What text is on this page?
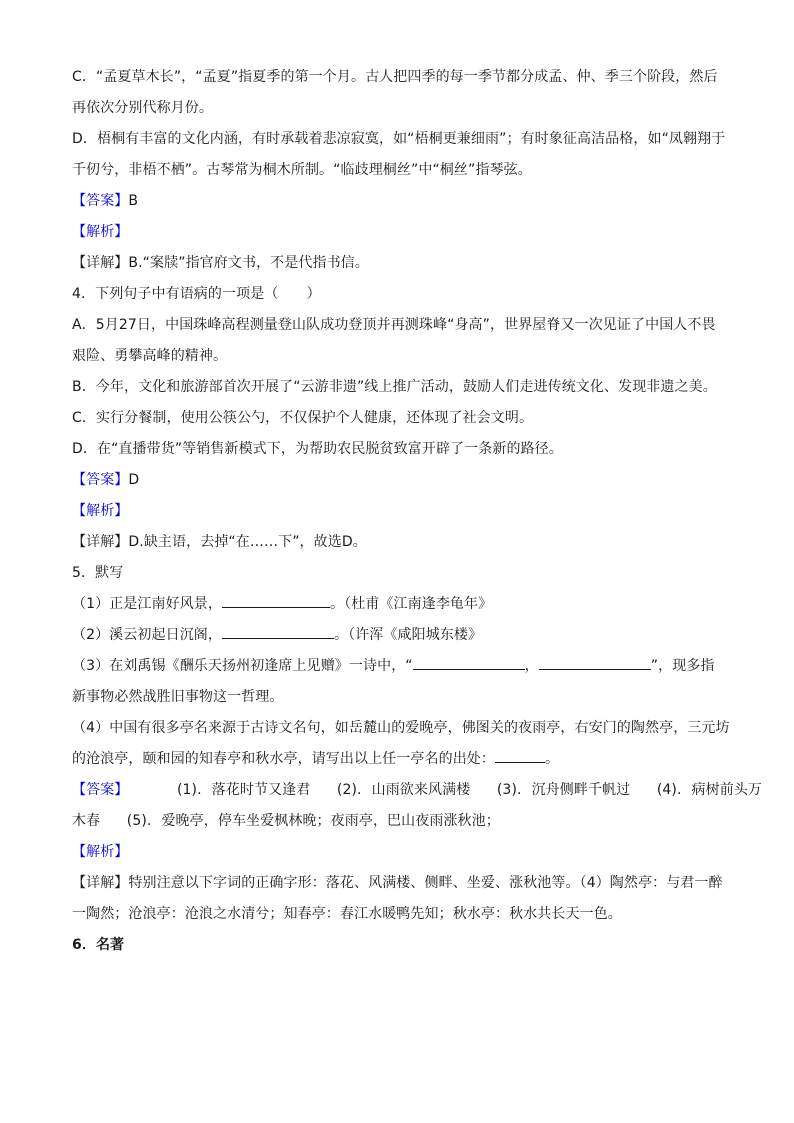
C．“孟夏草木长”，“孟夏”指夏季的第一个月。古人把四季的每一季节都分成孟、仲、季三个阶段，然后
再依次分别代称月份。
D．梧桐有丰富的文化内涵，有时承载着悲凉寂寞，如“梧桐更兼细雨”；有时象征高洁品格，如“凤翱翔于
千仞兮，非梧不栖”。古琴常为桐木所制。“临歧理桐丝”中“桐丝”指琴弦。
【答案】B
【解析】
【详解】B.“案牍”指官府文书，不是代指书信。
4．下列句子中有语病的一项是（　　）
A．5月27日，中国珠峰高程测量登山队成功登顶并再测珠峰“身高”，世界屋脊又一次见证了中国人不畏
艰险、勇攀高峰的精神。
B．今年，文化和旅游部首次开展了“云游非遗”线上推广活动，鼓励人们走进传统文化、发现非遗之美。
C．实行分餐制，使用公筷公勺，不仅保护个人健康，还体现了社会文明。
D．在“直播带货”等销售新模式下，为帮助农民脱贫致富开辟了一条新的路径。
【答案】D
【解析】
【详解】D.缺主语，去掉“在……下”，故选D。
5．默写
（1）正是江南好风景，	。（杜甫《江南逢李龟年》
（2）溪云初起日沉阁，	。（许浑《咸阳城东楼》
（3）在刘禹锡《酬乐天扬州初逢席上见赠》一诗中，“	，	”，现多指
新事物必然战胜旧事物这一哲理。
（4）中国有很多亭名来源于古诗文名句，如岳麓山的爱晚亭，佛图关的夜雨亭，右安门的陶然亭，三元坊
的沧浪亭，颐和园的知春亭和秋水亭，请写出以上任一亭名的出处：	。
【答案】	(1). 落花时节又逢君 (2). 山雨欲来风满楼 (3). 沉舟侧畔千帆过 (4). 病树前头万
木春 (5). 爱晚亭，停车坐爱枫林晚；夜雨亭，巴山夜雨涨秋池；
【解析】
【详解】特别注意以下字词的正确字形：落花、风满楼、侧畔、坐爱、涨秋池等。（4）陶然亭：与君一醉
一陶然；沧浪亭：沧浪之水清兮；知春亭：春江水暖鸭先知；秋水亭：秋水共长天一色。
6．名著
